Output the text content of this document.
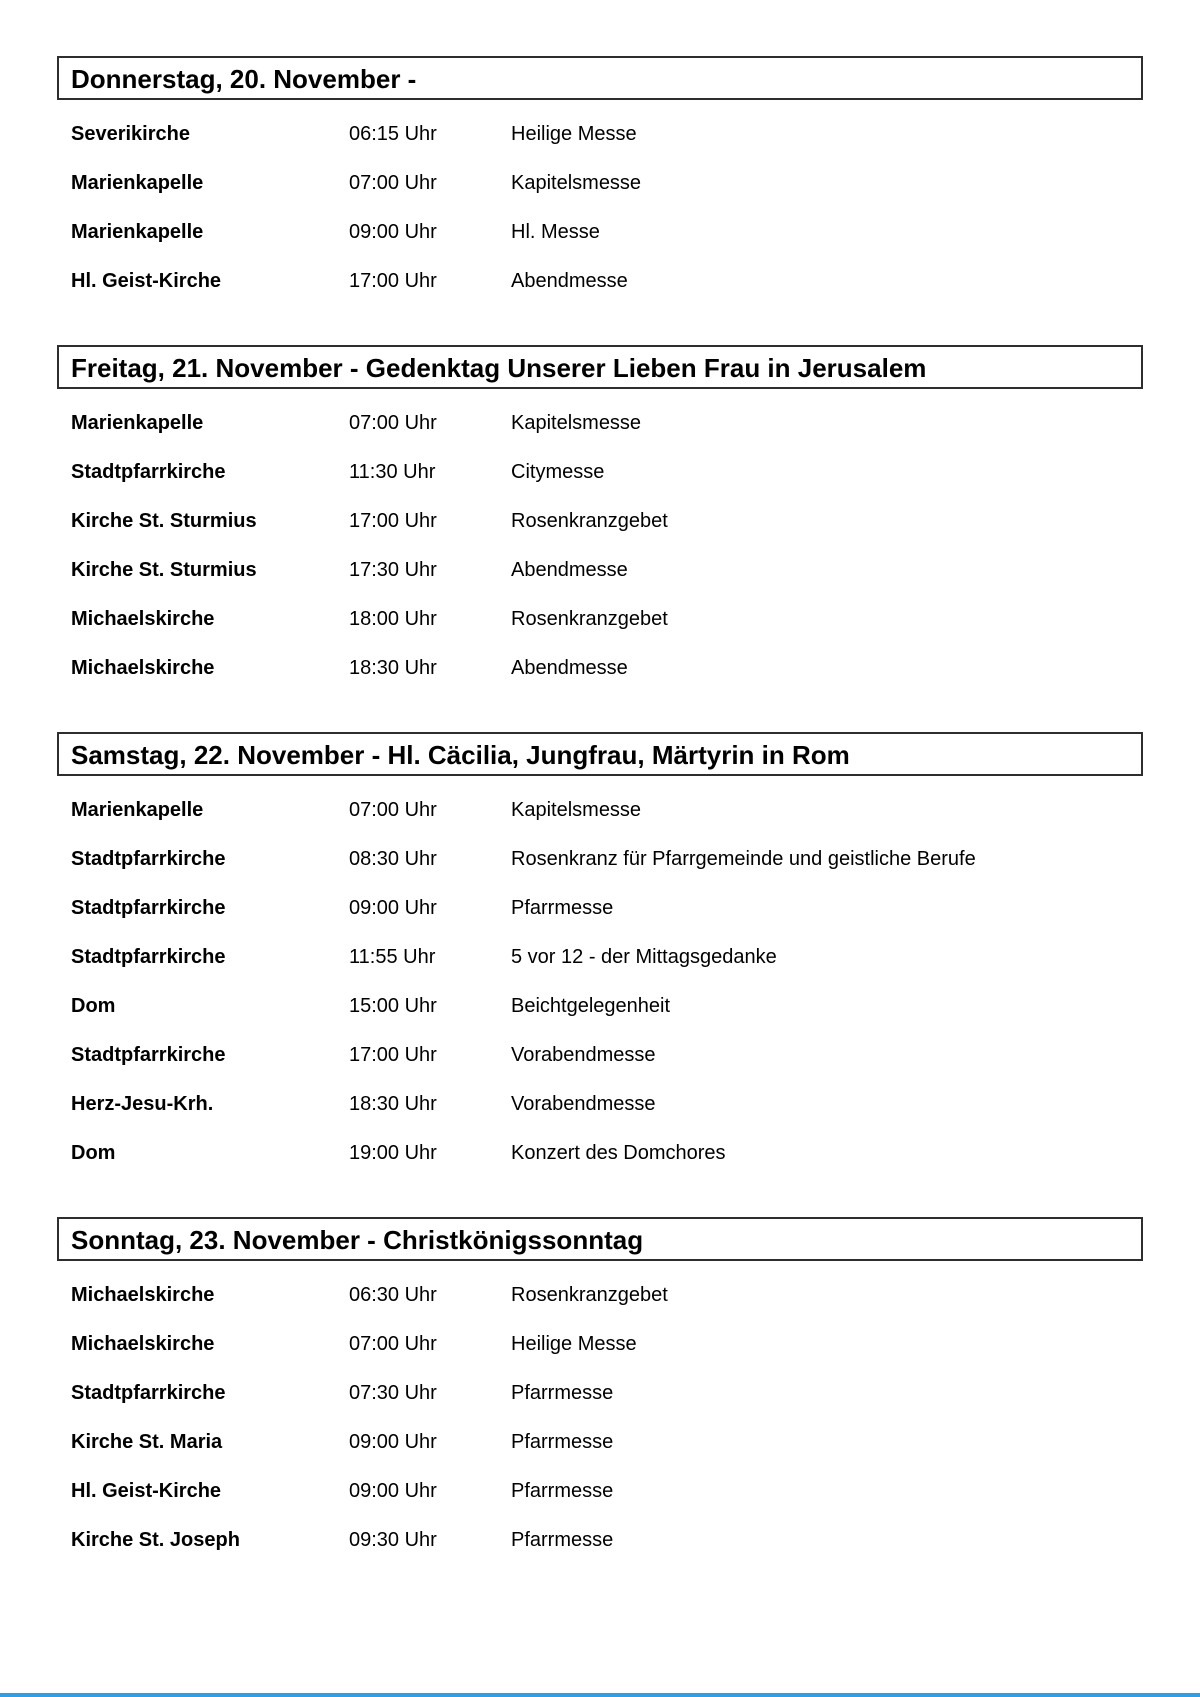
Donnerstag, 20. November -
Severikirche	06:15 Uhr	Heilige Messe
Marienkapelle	07:00 Uhr	Kapitelsmesse
Marienkapelle	09:00 Uhr	Hl. Messe
Hl. Geist-Kirche	17:00 Uhr	Abendmesse
Freitag, 21. November - Gedenktag Unserer Lieben Frau in Jerusalem
Marienkapelle	07:00 Uhr	Kapitelsmesse
Stadtpfarrkirche	11:30 Uhr	Citymesse
Kirche St. Sturmius	17:00 Uhr	Rosenkranzgebet
Kirche St. Sturmius	17:30 Uhr	Abendmesse
Michaelskirche	18:00 Uhr	Rosenkranzgebet
Michaelskirche	18:30 Uhr	Abendmesse
Samstag, 22. November - Hl. Cäcilia, Jungfrau, Märtyrin in Rom
Marienkapelle	07:00 Uhr	Kapitelsmesse
Stadtpfarrkirche	08:30 Uhr	Rosenkranz für Pfarrgemeinde und geistliche Berufe
Stadtpfarrkirche	09:00 Uhr	Pfarrmesse
Stadtpfarrkirche	11:55 Uhr	5 vor 12 - der Mittagsgedanke
Dom	15:00 Uhr	Beichtgelegenheit
Stadtpfarrkirche	17:00 Uhr	Vorabendmesse
Herz-Jesu-Krh.	18:30 Uhr	Vorabendmesse
Dom	19:00 Uhr	Konzert des Domchores
Sonntag, 23. November - Christkönigssonntag
Michaelskirche	06:30 Uhr	Rosenkranzgebet
Michaelskirche	07:00 Uhr	Heilige Messe
Stadtpfarrkirche	07:30 Uhr	Pfarrmesse
Kirche St. Maria	09:00 Uhr	Pfarrmesse
Hl. Geist-Kirche	09:00 Uhr	Pfarrmesse
Kirche St. Joseph	09:30 Uhr	Pfarrmesse
